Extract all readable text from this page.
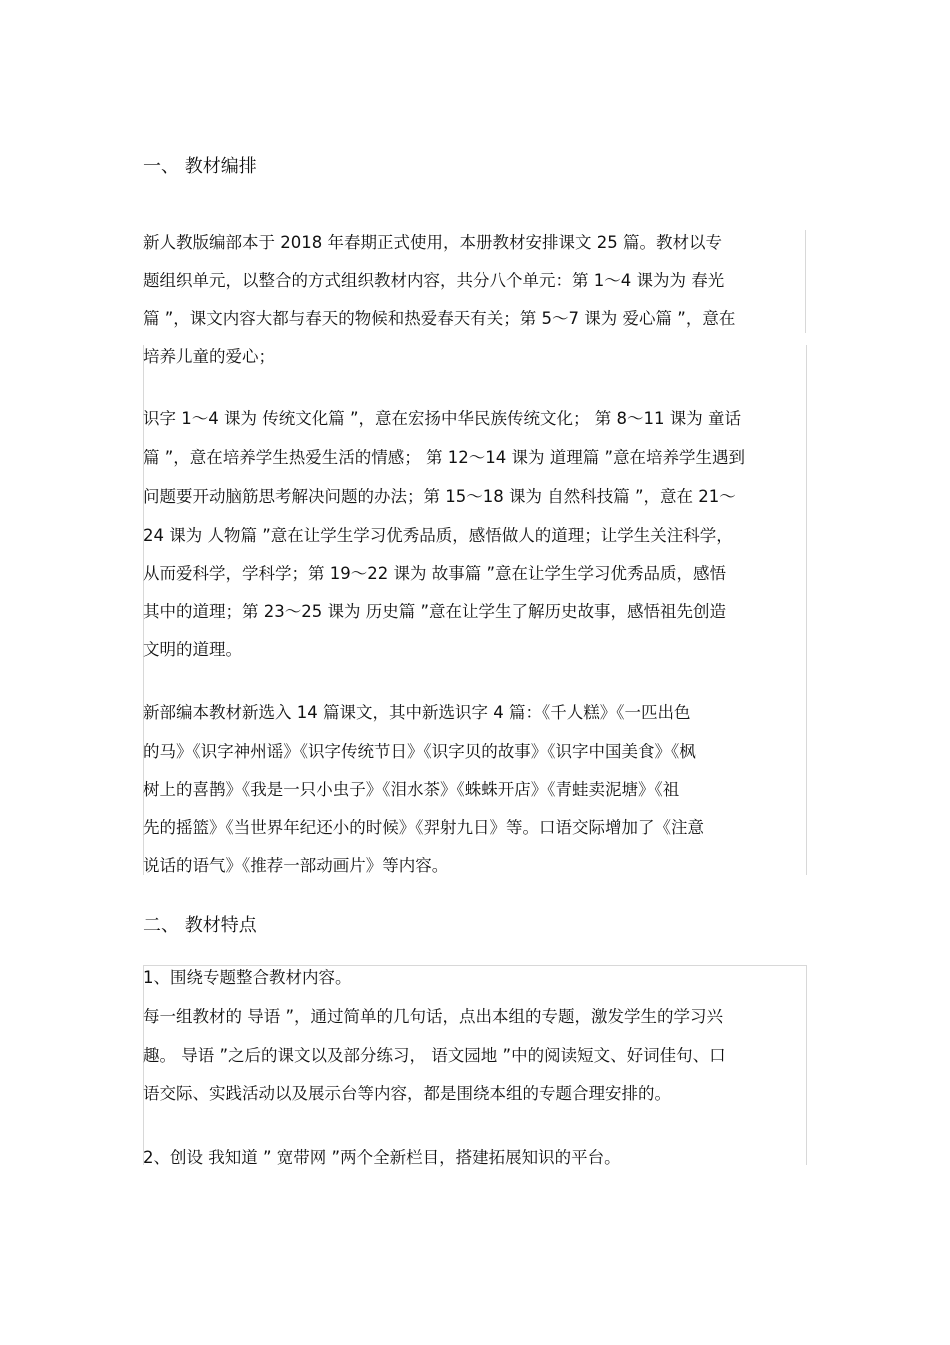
一、 教材编排
新人教版编部本于 2018 年春期正式使用，本册教材安排课文 25 篇。教材以专
题组织单元，以整合的方式组织教材内容，共分八个单元：第 1～4 课为为 春光
篇 ”，课文内容大都与春天的物候和热爱春天有关；第 5～7 课为 爱心篇 ”，意在
培养儿童的爱心；
识字 1～4 课为 传统文化篇 ”，意在宏扬中华民族传统文化； 第 8～11 课为 童话
篇 ”，意在培养学生热爱生活的情感； 第 12～14 课为 道理篇 ”意在培养学生遇到
问题要开动脑筋思考解决问题的办法；第 15～18 课为 自然科技篇 ”，意在 21～
24 课为 人物篇 ”意在让学生学习优秀品质，感悟做人的道理；让学生关注科学，
从而爱科学，学科学；第 19～22 课为 故事篇 ”意在让学生学习优秀品质，感悟
其中的道理；第 23～25 课为 历史篇 ”意在让学生了解历史故事，感悟祖先创造
文明的道理。
新部编本教材新选入 14 篇课文，其中新选识字 4 篇：《千人糕》《一匹出色
的马》《识字神州谣》《识字传统节日》《识字贝的故事》《识字中国美食》《枫
树上的喜鹊》《我是一只小虫子》《泪水茶》《蛛蛛开店》《青蛙卖泥塘》《祖
先的摇篮》《当世界年纪还小的时候》《羿射九日》等。口语交际增加了《注意
说话的语气》《推荐一部动画片》等内容。
二、 教材特点
1、围绕专题整合教材内容。
每一组教材的 导语 ”，通过简单的几句话，点出本组的专题，激发学生的学习兴
趣。 导语 ”之后的课文以及部分练习， 语文园地 ”中的阅读短文、好词佳句、口
语交际、实践活动以及展示台等内容，都是围绕本组的专题合理安排的。
2、创设 我知道 ” 宽带网 ”两个全新栏目，搭建拓展知识的平台。
